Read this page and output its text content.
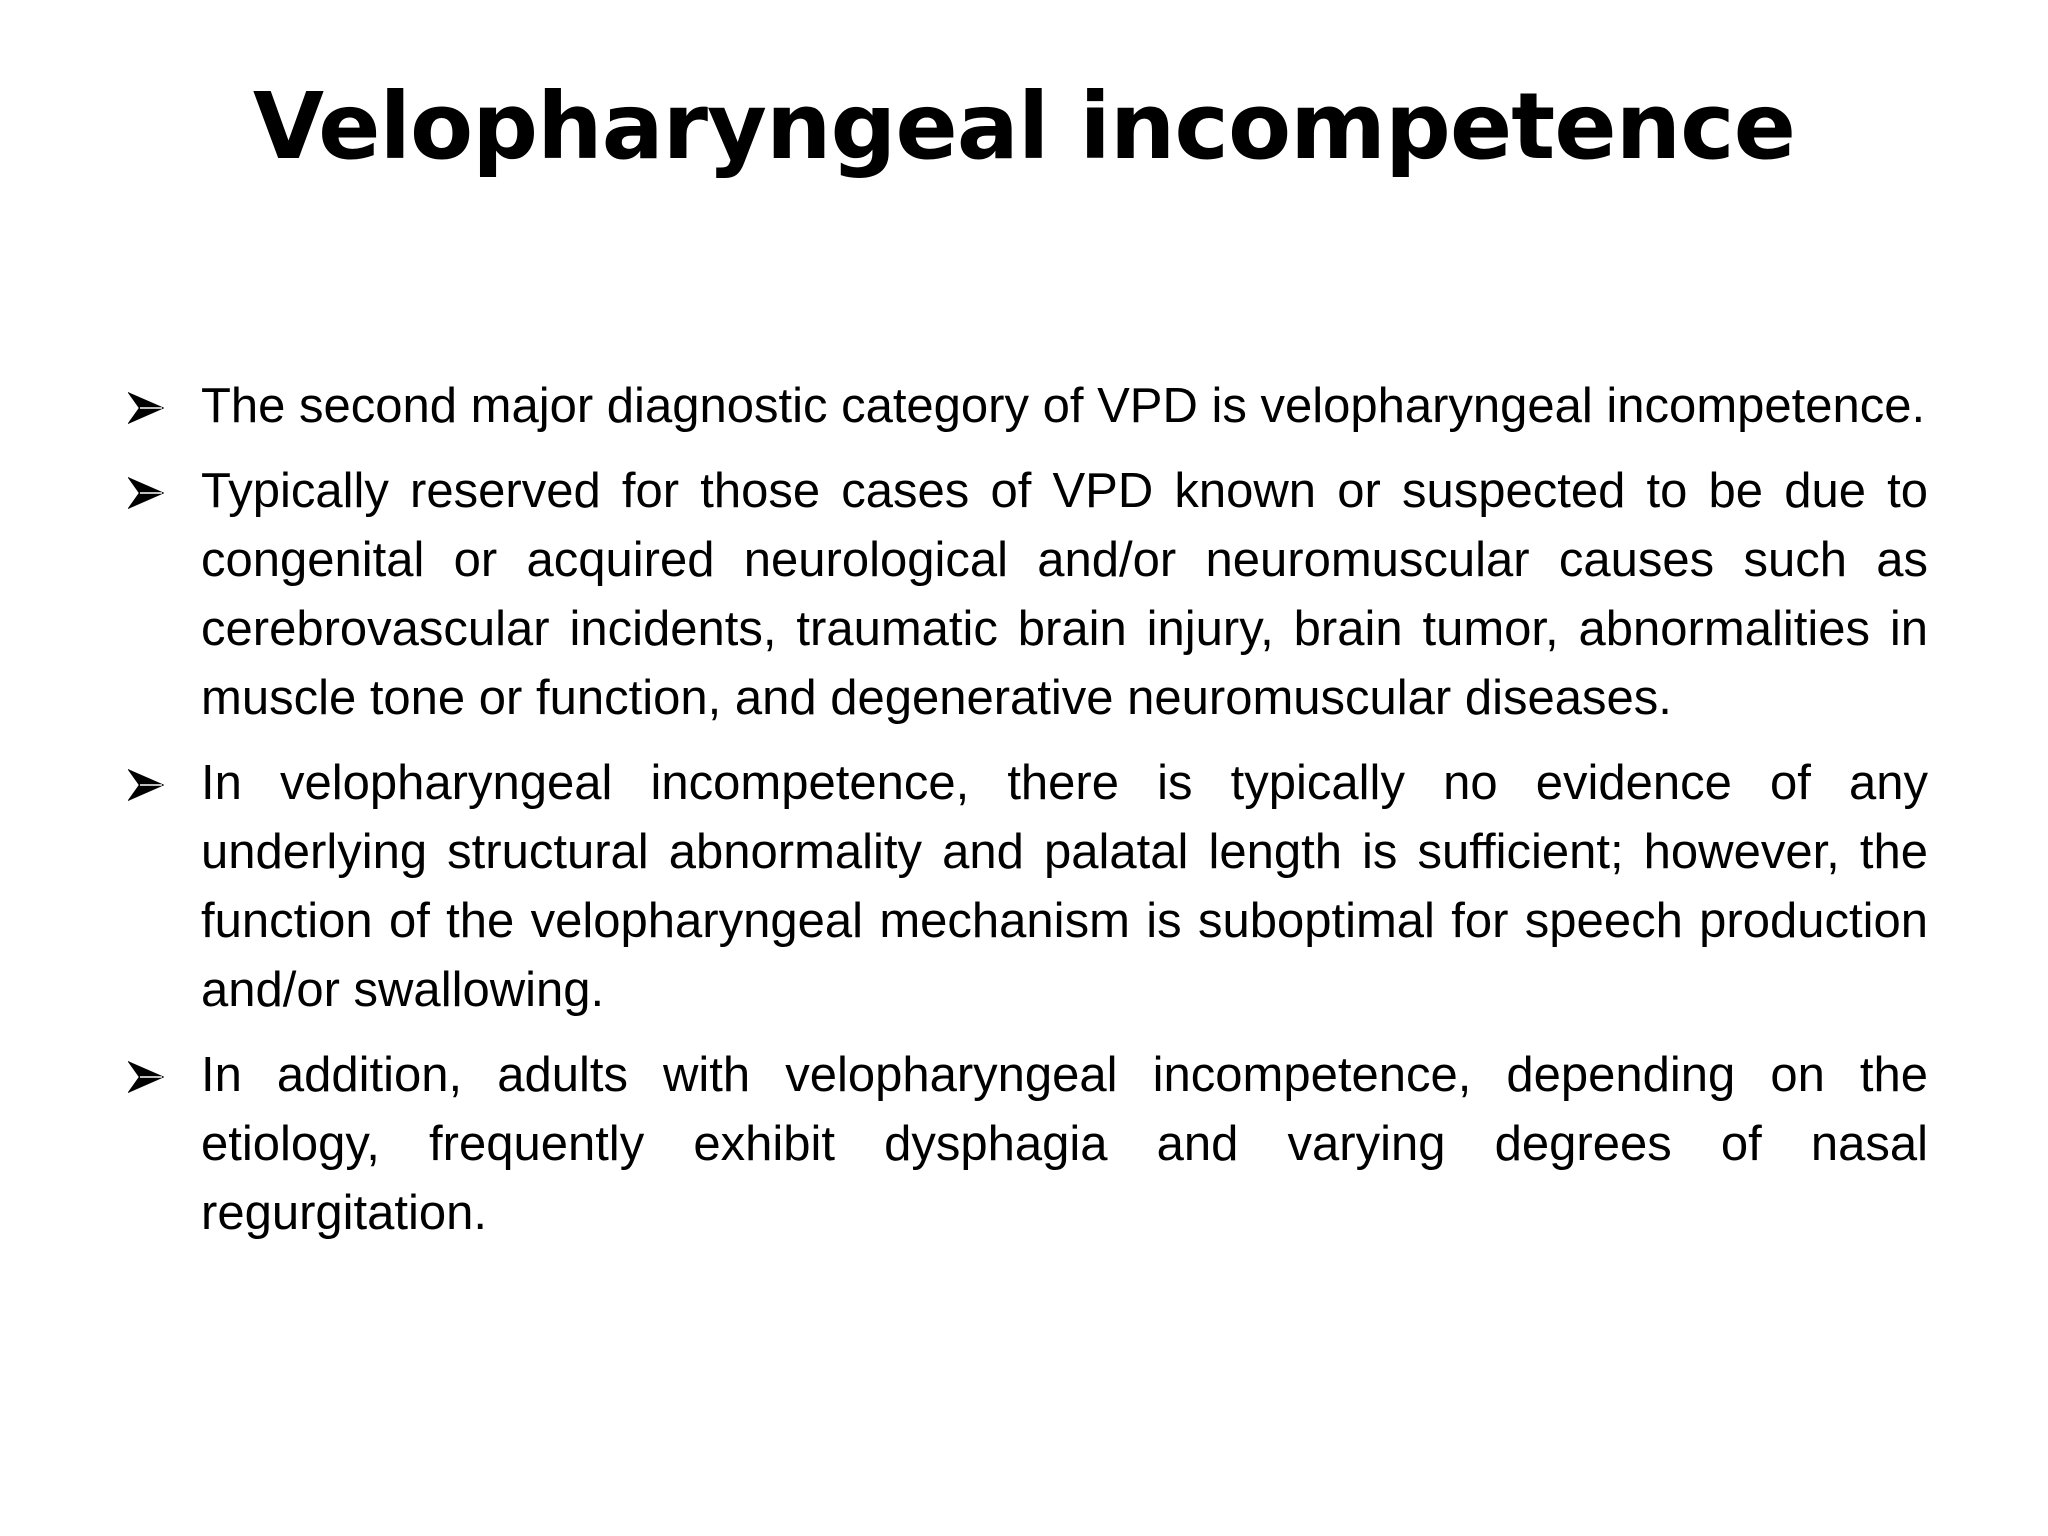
Velopharyngeal incompetence
The second major diagnostic category of VPD is velopharyngeal incompetence.
Typically reserved for those cases of VPD known or suspected to be due to congenital or acquired neurological and/or neuromuscular causes such as cerebrovascular incidents, traumatic brain injury, brain tumor, abnormalities in muscle tone or function, and degenerative neuromuscular diseases.
In velopharyngeal incompetence, there is typically no evidence of any underlying structural abnormality and palatal length is sufficient; however, the function of the velopharyngeal mechanism is suboptimal for speech production and/or swallowing.
In addition, adults with velopharyngeal incompetence, depending on the etiology, frequently exhibit dysphagia and varying degrees of nasal regurgitation.
